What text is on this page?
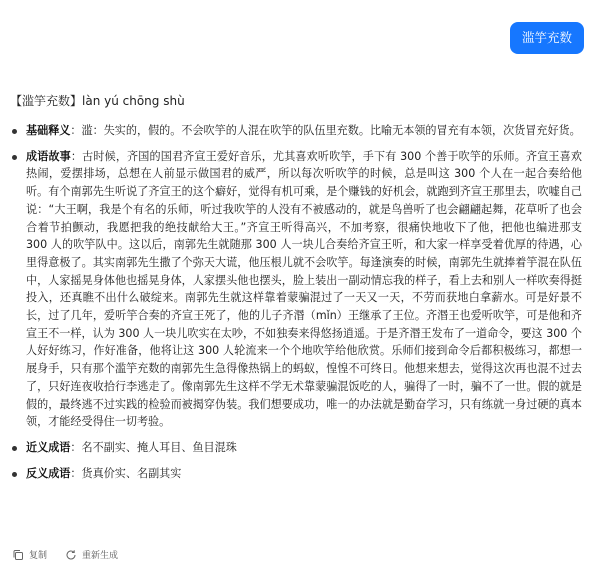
滥竽充数
【滥竽充数】làn yú chōng shù
基础释义：滥：失实的，假的。不会吹竽的人混在吹竽的队伍里充数。比喻无本领的冒充有本领，次货冒充好货。
成语故事：古时候，齐国的国君齐宣王爱好音乐，尤其喜欢听吹竽，手下有 300 个善于吹竽的乐师。齐宣王喜欢热闹，爱摆排场，总想在人前显示做国君的威严，所以每次听吹竽的时候，总是叫这 300 个人在一起合奏给他听。有个南郭先生听说了齐宣王的这个癖好，觉得有机可乘，是个赚钱的好机会，就跑到齐宣王那里去，吹嘘自己说：“大王啊，我是个有名的乐师，听过我吹竽的人没有不被感动的，就是鸟兽听了也会翩翩起舞，花草听了也会合着节拍颤动，我愿把我的绝技献给大王。”齐宣王听得高兴，不加考察，很痛快地收下了他，把他也编进那支 300 人的吹竽队中。这以后，南郭先生就随那 300 人一块儿合奏给齐宣王听，和大家一样享受着优厚的待遇，心里得意极了。其实南郭先生撒了个弥天大谎，他压根儿就不会吹竽。每逢演奏的时候，南郭先生就捧着竽混在队伍中，人家摇晃身体他也摇晃身体，人家摆头他也摆头，脸上装出一副动情忘我的样子，看上去和别人一样吹奏得挺投入，还真瞧不出什么破绽来。南郭先生就这样靠着蒙骗混过了一天又一天，不劳而获地白拿薪水。可是好景不长，过了几年，爱听竽合奏的齐宣王死了，他的儿子齐湣（mǐn）王继承了王位。齐湣王也爱听吹竽，可是他和齐宣王不一样，认为 300 人一块儿吹实在太吵，不如独奏来得悠扬逍遥。于是齐湣王发布了一道命令，要这 300 个人好好练习，作好准备，他将让这 300 人轮流来一个个地吹竽给他欣赏。乐师们接到命令后都积极练习，都想一展身手，只有那个滥竽充数的南郭先生急得像热锅上的蚂蚁，惶惶不可终日。他想来想去，觉得这次再也混不过去了，只好连夜收拾行李逃走了。像南郭先生这样不学无术靠蒙骗混饭吃的人，骗得了一时，骗不了一世。假的就是假的，最终逃不过实践的检验而被揭穿伪装。我们想要成功，唯一的办法就是勤奋学习，只有练就一身过硬的真本领，才能经受得住一切考验。
近义成语：名不副实、掩人耳目、鱼目混珠
反义成语：货真价实、名副其实
复制	重新生成
